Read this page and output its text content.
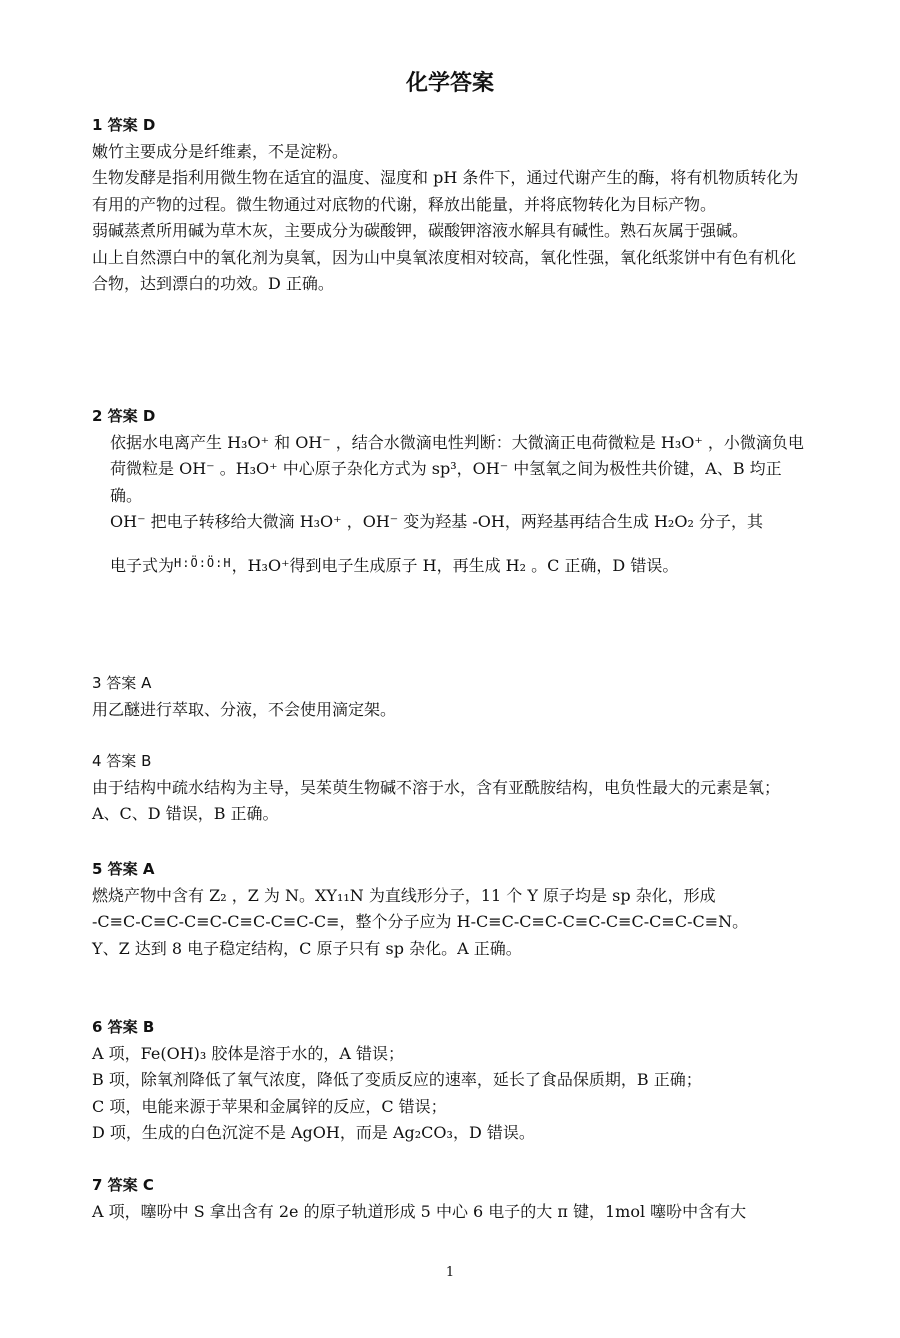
化学答案
1 答案 D

嫩竹主要成分是纤维素，不是淀粉。

生物发酵是指利用微生物在适宜的温度、湿度和 pH 条件下，通过代谢产生的酶，将有机物质转化为有用的产物的过程。微生物通过对底物的代谢，释放出能量，并将底物转化为目标产物。

弱碱蒸煮所用碱为草木灰，主要成分为碳酸钾，碳酸钾溶液水解具有碱性。熟石灰属于强碱。

山上自然漂白中的氧化剂为臭氧，因为山中臭氧浓度相对较高，氧化性强，氧化纸浆饼中有色有机化合物，达到漂白的功效。D 正确。

2 答案 D

依据水电离产生 H₃O⁺ 和 OH⁻ ，结合水微滴电性判断：大微滴正电荷微粒是 H₃O⁺ ，小微滴负电荷微粒是 OH⁻ 。H₃O⁺ 中心原子杂化方式为 sp³，OH⁻ 中氢氧之间为极性共价键，A、B 均正确。

OH⁻ 把电子转移给大微滴 H₃O⁺ ，OH⁻ 变为羟基 -OH，两羟基再结合生成 H₂O₂ 分子，其

电子式为$^{H:Ö:Ö:H}$，H₃O⁺得到电子生成原子 H，再生成 H₂ 。C 正确，D 错误。

3 答案 A

用乙醚进行萃取、分液，不会使用滴定架。

4 答案 B

由于结构中疏水结构为主导，吴茱萸生物碱不溶于水，含有亚酰胺结构，电负性最大的元素是氧；A、C、D 错误，B 正确。

5 答案 A

燃烧产物中含有 Z₂ ，Z 为 N。XY₁₁N 为直线形分子，11 个 Y 原子均是 sp 杂化，形成

-C≡C-C≡C-C≡C-C≡C-C≡C-C≡，整个分子应为 H-C≡C-C≡C-C≡C-C≡C-C≡C-C≡N。

Y、Z 达到 8 电子稳定结构，C 原子只有 sp 杂化。A 正确。

6 答案 B

A 项，Fe(OH)₃ 胶体是溶于水的，A 错误；

B 项，除氧剂降低了氧气浓度，降低了变质反应的速率，延长了食品保质期，B 正确；

C 项，电能来源于苹果和金属锌的反应，C 错误；

D 项，生成的白色沉淀不是 AgOH，而是 Ag₂CO₃，D 错误。

7 答案 C

A 项，噻吩中 S 拿出含有 2e 的原子轨道形成 5 中心 6 电子的大 π 键，1mol 噻吩中含有大

1
